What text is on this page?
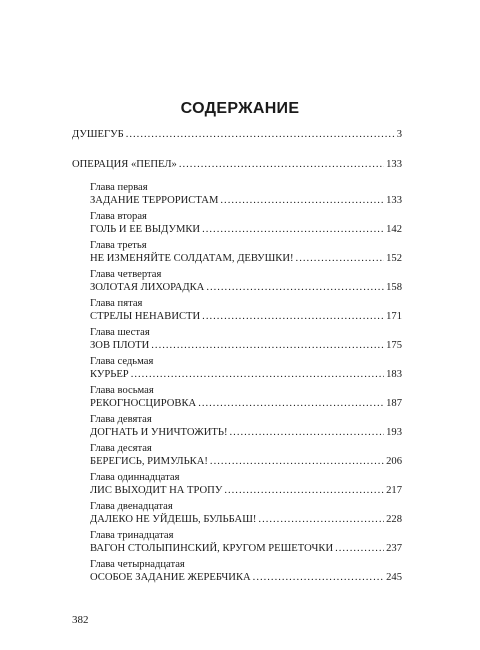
СОДЕРЖАНИЕ
ДУШЕГУБ .....	3
ОПЕРАЦИЯ «ПЕПЕЛ» .....	133
Глава первая
ЗАДАНИЕ ТЕРРОРИСТАМ .....	133
Глава вторая
ГОЛЬ И ЕЕ ВЫДУМКИ .....	142
Глава третья
НЕ ИЗМЕНЯЙТЕ СОЛДАТАМ, ДЕВУШКИ! .....	152
Глава четвертая
ЗОЛОТАЯ ЛИХОРАДКА .....	158
Глава пятая
СТРЕЛЫ НЕНАВИСТИ .....	171
Глава шестая
ЗОВ ПЛОТИ .....	175
Глава седьмая
КУРЬЕР .....	183
Глава восьмая
РЕКОГНОСЦИРОВКА .....	187
Глава девятая
ДОГНАТЬ И УНИЧТОЖИТЬ! .....	193
Глава десятая
БЕРЕГИСЬ, РИМУЛЬКА! .....	206
Глава одиннадцатая
ЛИС ВЫХОДИТ НА ТРОПУ .....	217
Глава двенадцатая
ДАЛЕКО НЕ УЙДЕШЬ, БУЛЬБАШ! .....	228
Глава тринадцатая
ВАГОН СТОЛЫПИНСКИЙ, КРУГОМ РЕШЕТОЧКИ .....	237
Глава четырнадцатая
ОСОБОЕ ЗАДАНИЕ ЖЕРЕБЧИКА .....	245
382
